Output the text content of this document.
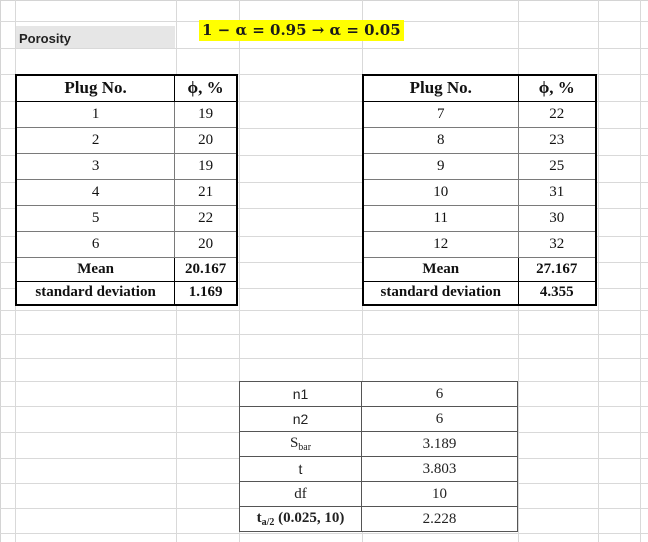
Porosity	1 − α = 0.95 → α = 0.05
Plug No.	ϕ, %
1	19
2	20
3	19
4	21
5	22
6	20
Mean	20.167
standard deviation	1.169
Plug No.	ϕ, %
7	22
8	23
9	25
10	31
11	30
12	32
Mean	27.167
standard deviation	4.355
n1	6
n2	6
$S_{bar}$	3.189
t	3.803
df	10
$t_{a/2}$ (0.025, 10)	2.228
